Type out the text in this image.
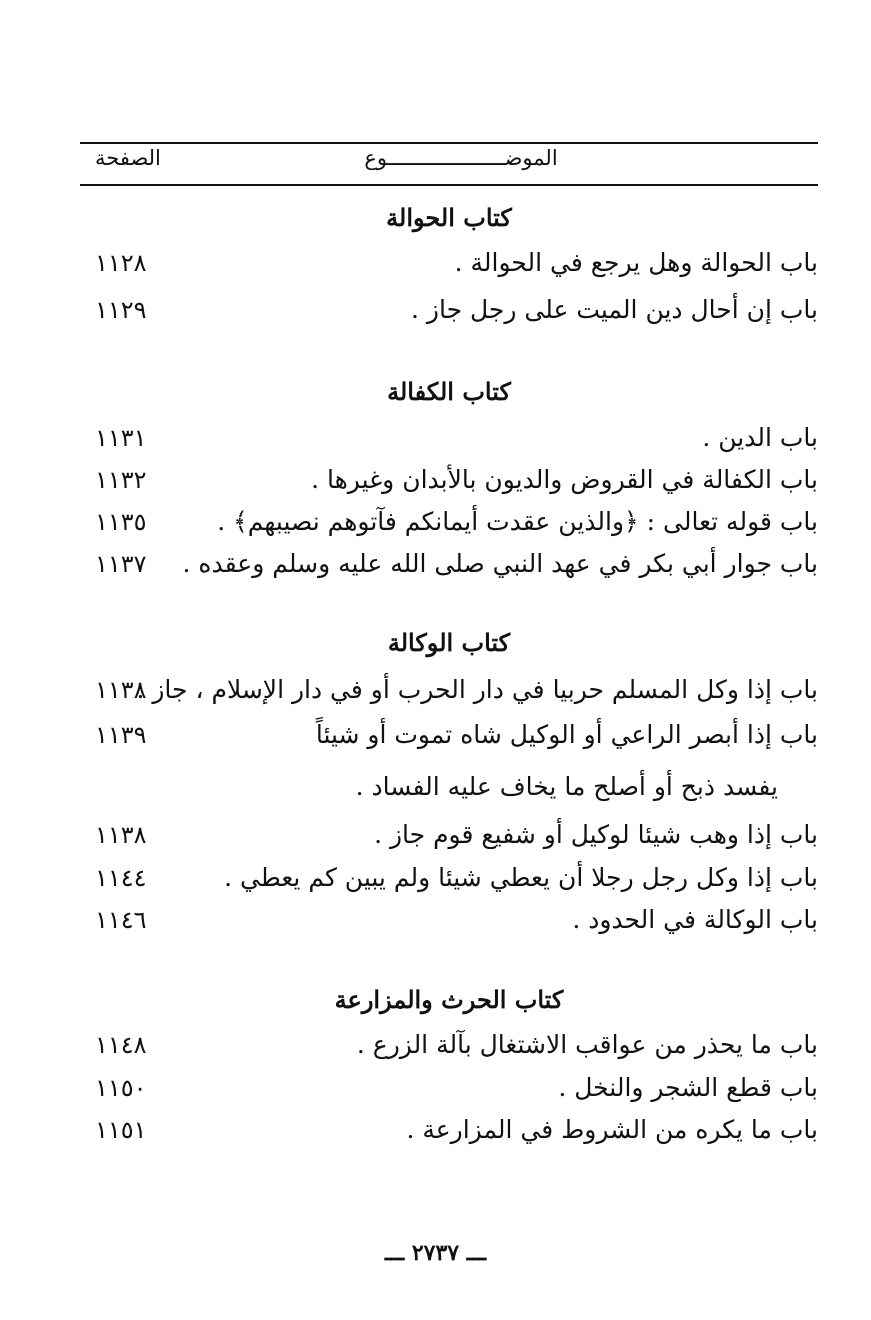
الموضـــــــــــــــــــوع
الصفحة
كتاب الحوالة
باب الحوالة وهل يرجع في الحوالة .
١١٢٨
باب إن أحال دين الميت على رجل جاز .
١١٢٩
كتاب الكفالة
باب الدين .
١١٣١
باب الكفالة في القروض والديون بالأبدان وغيرها .
١١٣٢
باب قوله تعالى : ﴿والذين عقدت أيمانكم فآتوهم نصيبهم﴾ .
١١٣٥
باب جوار أبي بكر في عهد النبي صلى الله عليه وسلم وعقده .
١١٣٧
كتاب الوكالة
باب إذا وكل المسلم حربيا في دار الحرب أو في دار الإسلام ، جاز .
١١٣٨
باب إذا أبصر الراعي أو الوكيل شاه تموت أو شيئاً
١١٣٩
يفسد ذبح أو أصلح ما يخاف عليه الفساد .
باب إذا وهب شيئا لوكيل أو شفيع قوم جاز .
١١٣٨
باب إذا وكل رجل رجلا أن يعطي شيئا ولم يبين كم يعطي .
١١٤٤
باب الوكالة في الحدود .
١١٤٦
كتاب الحرث والمزارعة
باب ما يحذر من عواقب الاشتغال بآلة الزرع .
١١٤٨
باب قطع الشجر والنخل .
١١٥٠
باب ما يكره من الشروط في المزارعة .
١١٥١
ـــ ٢٧٣٧ ـــ
